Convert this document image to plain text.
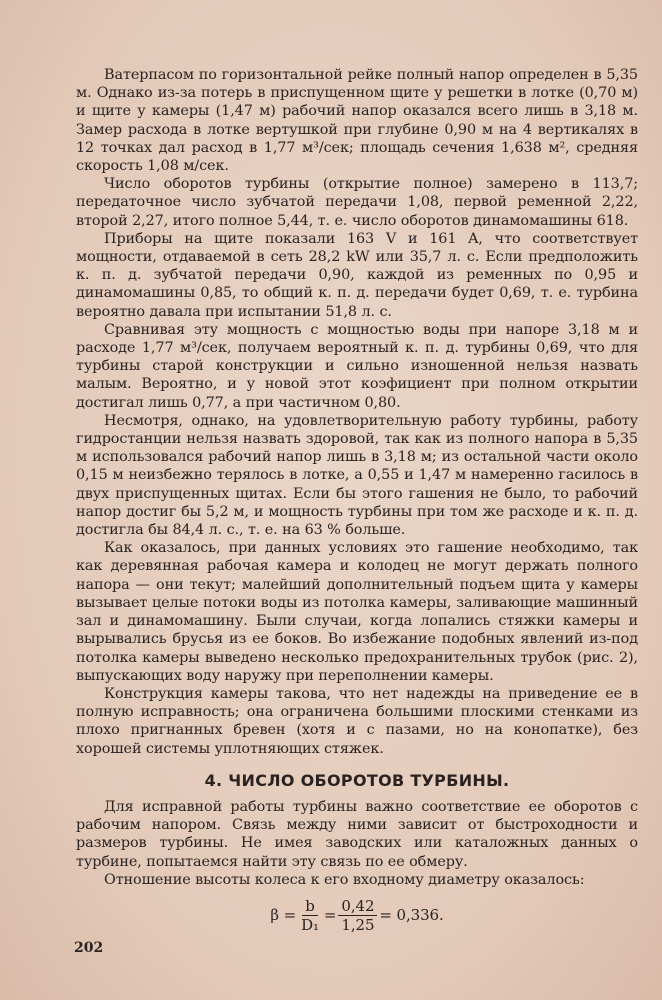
Ватерпасом по горизонтальной рейке полный напор определен в 5,35 м. Однако из-за потерь в приспущенном щите у решетки в лотке (0,70 м) и щите у камеры (1,47 м) рабочий напор оказался всего лишь в 3,18 м. Замер расхода в лотке вертушкой при глубине 0,90 м на 4 вертикалях в 12 точках дал расход в 1,77 м³/сек; площадь сечения 1,638 м², средняя скорость 1,08 м/сек.

Число оборотов турбины (открытие полное) замерено в 113,7; передаточное число зубчатой передачи 1,08, первой ременной 2,22, второй 2,27, итого полное 5,44, т. е. число оборотов динамомашины 618.

Приборы на щите показали 163 V и 161 A, что соответствует мощности, отдаваемой в сеть 28,2 kW или 35,7 л. с. Если предположить к. п. д. зубчатой передачи 0,90, каждой из ременных по 0,95 и динамомашины 0,85, то общий к. п. д. передачи будет 0,69, т. е. турбина вероятно давала при испытании 51,8 л. с.

Сравнивая эту мощность с мощностью воды при напоре 3,18 м и расходе 1,77 м³/сек, получаем вероятный к. п. д. турбины 0,69, что для турбины старой конструкции и сильно изношенной нельзя назвать малым. Вероятно, и у новой этот коэфициент при полном открытии достигал лишь 0,77, а при частичном 0,80.

Несмотря, однако, на удовлетворительную работу турбины, работу гидростанции нельзя назвать здоровой, так как из полного напора в 5,35 м использовался рабочий напор лишь в 3,18 м; из остальной части около 0,15 м неизбежно терялось в лотке, а 0,55 и 1,47 м намеренно гасилось в двух приспущенных щитах. Если бы этого гашения не было, то рабочий напор достиг бы 5,2 м, и мощность турбины при том же расходе и к. п. д. достигла бы 84,4 л. с., т. е. на 63 % больше.

Как оказалось, при данных условиях это гашение необходимо, так как деревянная рабочая камера и колодец не могут держать полного напора — они текут; малейший дополнительный подъем щита у камеры вызывает целые потоки воды из потолка камеры, заливающие машинный зал и динамомашину. Были случаи, когда лопались стяжки камеры и вырывались брусья из ее боков. Во избежание подобных явлений из-под потолка камеры выведено несколько предохранительных трубок (рис. 2), выпускающих воду наружу при переполнении камеры.

Конструкция камеры такова, что нет надежды на приведение ее в полную исправность; она ограничена большими плоскими стенками из плохо пригнанных бревен (хотя и с пазами, но на конопатке), без хорошей системы уплотняющих стяжек.

4. ЧИСЛО ОБОРОТОВ ТУРБИНЫ.

Для исправной работы турбины важно соответствие ее оборотов с рабочим напором. Связь между ними зависит от быстроходности и размеров турбины. Не имея заводских или каталожных данных о турбине, попытаемся найти эту связь по ее обмеру.

Отношение высоты колеса к его входному диаметру оказалось:

$\beta = \frac{b}{\text{D₁}} = \frac{0,42}{1,25} = 0,336$.
202
